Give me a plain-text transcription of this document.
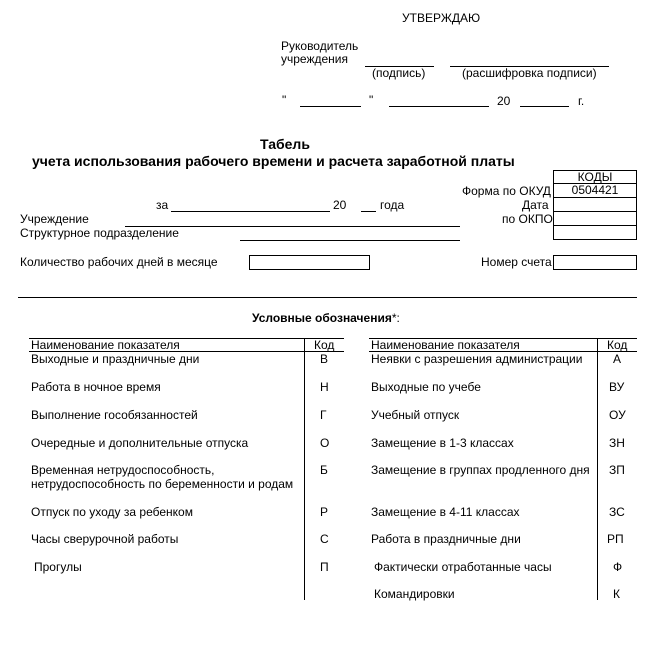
УТВЕРЖДАЮ
Руководитель
учреждения
(подпись)	(расшифровка подписи)
"	"	20	г.
Табель
учета использования рабочего времени и расчета заработной платы
КОДЫ
0504421
Форма по ОКУД
Дата
по ОКПО
за	20	года
Учреждение
Структурное подразделение
Количество рабочих дней в месяце	Номер счета
Условные обозначения*:
Наименование показателя	Код
Выходные и праздничные дни	В
Работа в ночное время	Н
Выполнение гособязанностей	Г
Очередные и дополнительные отпуска	О
Временная нетрудоспособность,
нетрудоспособность по беременности и родам
Б
Отпуск по уходу за ребенком	Р
Часы сверурочной работы	С
Прогулы	П
Наименование показателя	Код
Неявки с разрешения администрации	А
Выходные по учебе	ВУ
Учебный отпуск	ОУ
Замещение в 1-3 классах	ЗН
Замещение в группах продленного дня ЗП
Замещение в 4-11 классах	ЗС
Работа в праздничные дни	РП
Фактически отработанные часы	Ф
Командировки	К
